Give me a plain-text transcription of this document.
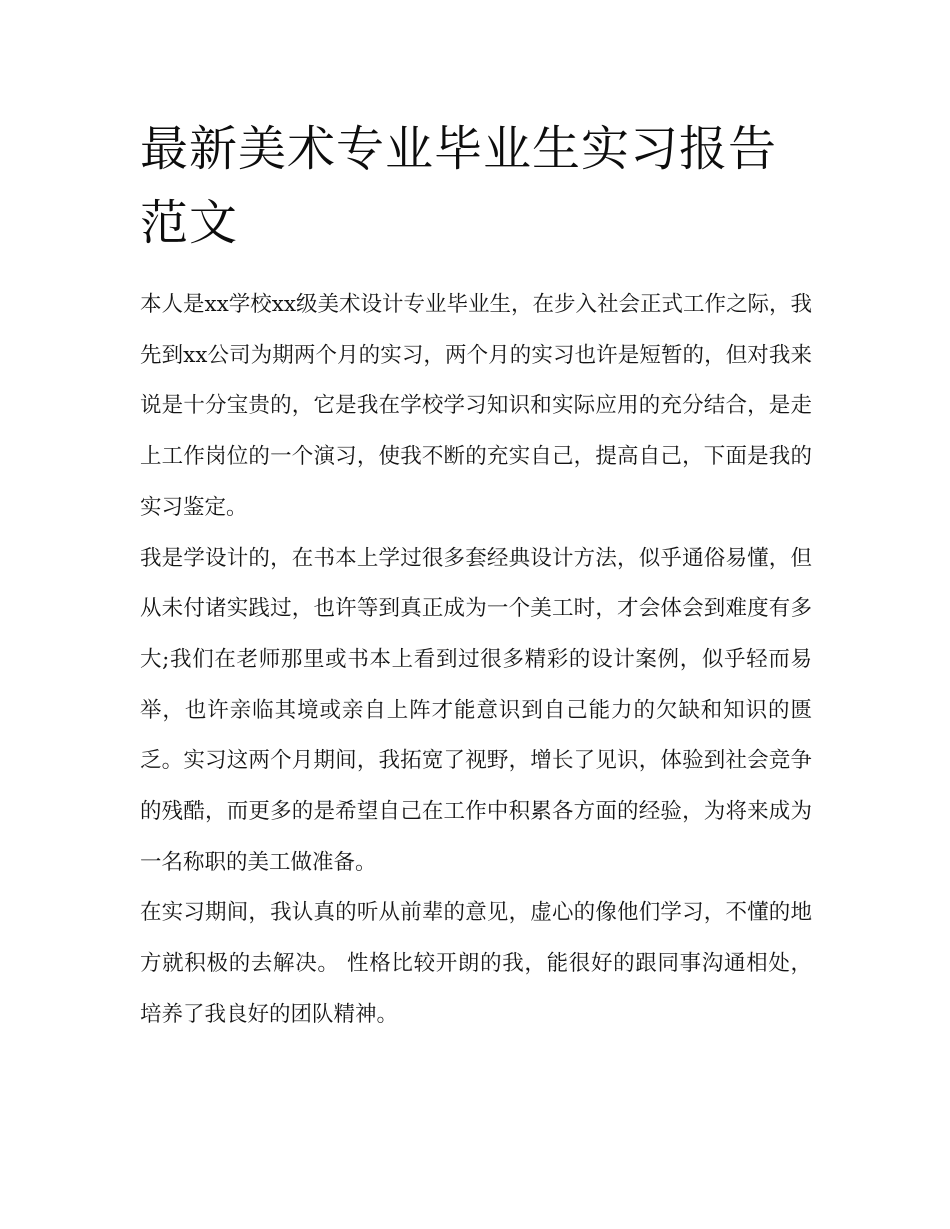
最新美术专业毕业生实习报告范文

本人是xx学校xx级美术设计专业毕业生，在步入社会正式工作之际，我先到xx公司为期两个月的实习，两个月的实习也许是短暂的，但对我来说是十分宝贵的，它是我在学校学习知识和实际应用的充分结合，是走上工作岗位的一个演习，使我不断的充实自己，提高自己，下面是我的实习鉴定。

我是学设计的，在书本上学过很多套经典设计方法，似乎通俗易懂，但从未付诸实践过，也许等到真正成为一个美工时，才会体会到难度有多大;我们在老师那里或书本上看到过很多精彩的设计案例，似乎轻而易举，也许亲临其境或亲自上阵才能意识到自己能力的欠缺和知识的匮乏。实习这两个月期间，我拓宽了视野，增长了见识，体验到社会竞争的残酷，而更多的是希望自己在工作中积累各方面的经验，为将来成为一名称职的美工做准备。

在实习期间，我认真的听从前辈的意见，虚心的像他们学习，不懂的地方就积极的去解决。 性格比较开朗的我，能很好的跟同事沟通相处，培养了我良好的团队精神。
